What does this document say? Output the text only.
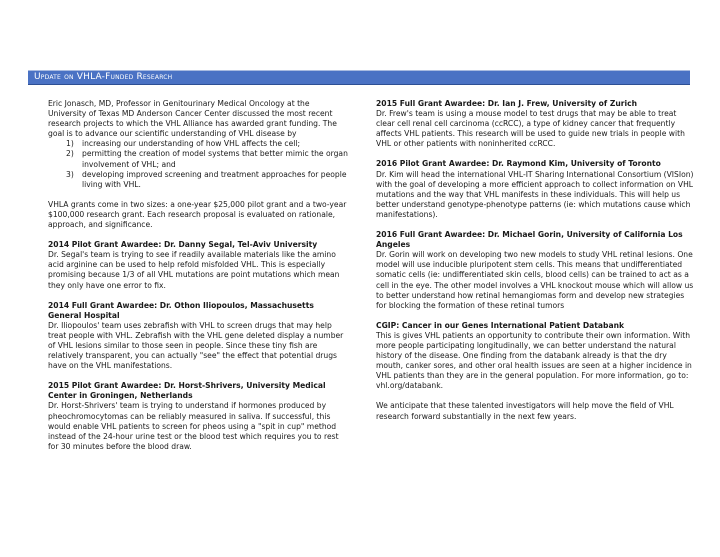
Update on VHLA-Funded Research

Eric Jonasch, MD, Professor in Genitourinary Medical Oncology at the University of Texas MD Anderson Cancer Center discussed the most recent research projects to which the VHL Alliance has awarded grant funding. The goal is to advance our scientific understanding of VHL disease by

1) increasing our understanding of how VHL affects the cell;
2) permitting the creation of model systems that better mimic the organ involvement of VHL; and
3) developing improved screening and treatment approaches for people living with VHL.

VHLA grants come in two sizes: a one-year $25,000 pilot grant and a two-year $100,000 research grant. Each research proposal is evaluated on rationale, approach, and significance.

2014 Pilot Grant Awardee: Dr. Danny Segal, Tel-Aviv University

Dr. Segal's team is trying to see if readily available materials like the amino acid arginine can be used to help refold misfolded VHL. This is especially promising because 1/3 of all VHL mutations are point mutations which mean they only have one error to fix.

2014 Full Grant Awardee: Dr. Othon Iliopoulos, Massachusetts General Hospital

Dr. Iliopoulos' team uses zebrafish with VHL to screen drugs that may help treat people with VHL. Zebrafish with the VHL gene deleted display a number of VHL lesions similar to those seen in people. Since these tiny fish are relatively transparent, you can actually "see" the effect that potential drugs have on the VHL manifestations.

2015 Pilot Grant Awardee: Dr. Horst-Shrivers, University Medical Center in Groningen, Netherlands

Dr. Horst-Shrivers' team is trying to understand if hormones produced by pheochromocytomas can be reliably measured in saliva. If successful, this would enable VHL patients to screen for pheos using a "spit in cup" method instead of the 24-hour urine test or the blood test which requires you to rest for 30 minutes before the blood draw.

2015 Full Grant Awardee: Dr. Ian J. Frew, University of Zurich

Dr. Frew's team is using a mouse model to test drugs that may be able to treat clear cell renal cell carcinoma (ccRCC), a type of kidney cancer that frequently affects VHL patients. This research will be used to guide new trials in people with VHL or other patients with noninherited ccRCC.

2016 Pilot Grant Awardee: Dr. Raymond Kim, University of Toronto

Dr. Kim will head the international VHL-IT Sharing International Consortium (VISIon) with the goal of developing a more efficient approach to collect information on VHL mutations and the way that VHL manifests in these individuals. This will help us better understand genotype-phenotype patterns (ie: which mutations cause which manifestations).

2016 Full Grant Awardee: Dr. Michael Gorin, University of California Los Angeles

Dr. Gorin will work on developing two new models to study VHL retinal lesions. One model will use inducible pluripotent stem cells. This means that undifferentiated somatic cells (ie: undifferentiated skin cells, blood cells) can be trained to act as a cell in the eye. The other model involves a VHL knockout mouse which will allow us to better understand how retinal hemangiomas form and develop new strategies for blocking the formation of these retinal tumors

CGIP: Cancer in our Genes International Patient Databank

This is gives VHL patients an opportunity to contribute their own information. With more people participating longitudinally, we can better understand the natural history of the disease. One finding from the databank already is that the dry mouth, canker sores, and other oral health issues are seen at a higher incidence in VHL patients than they are in the general population. For more information, go to: vhl.org/databank.

We anticipate that these talented investigators will help move the field of VHL research forward substantially in the next few years.
